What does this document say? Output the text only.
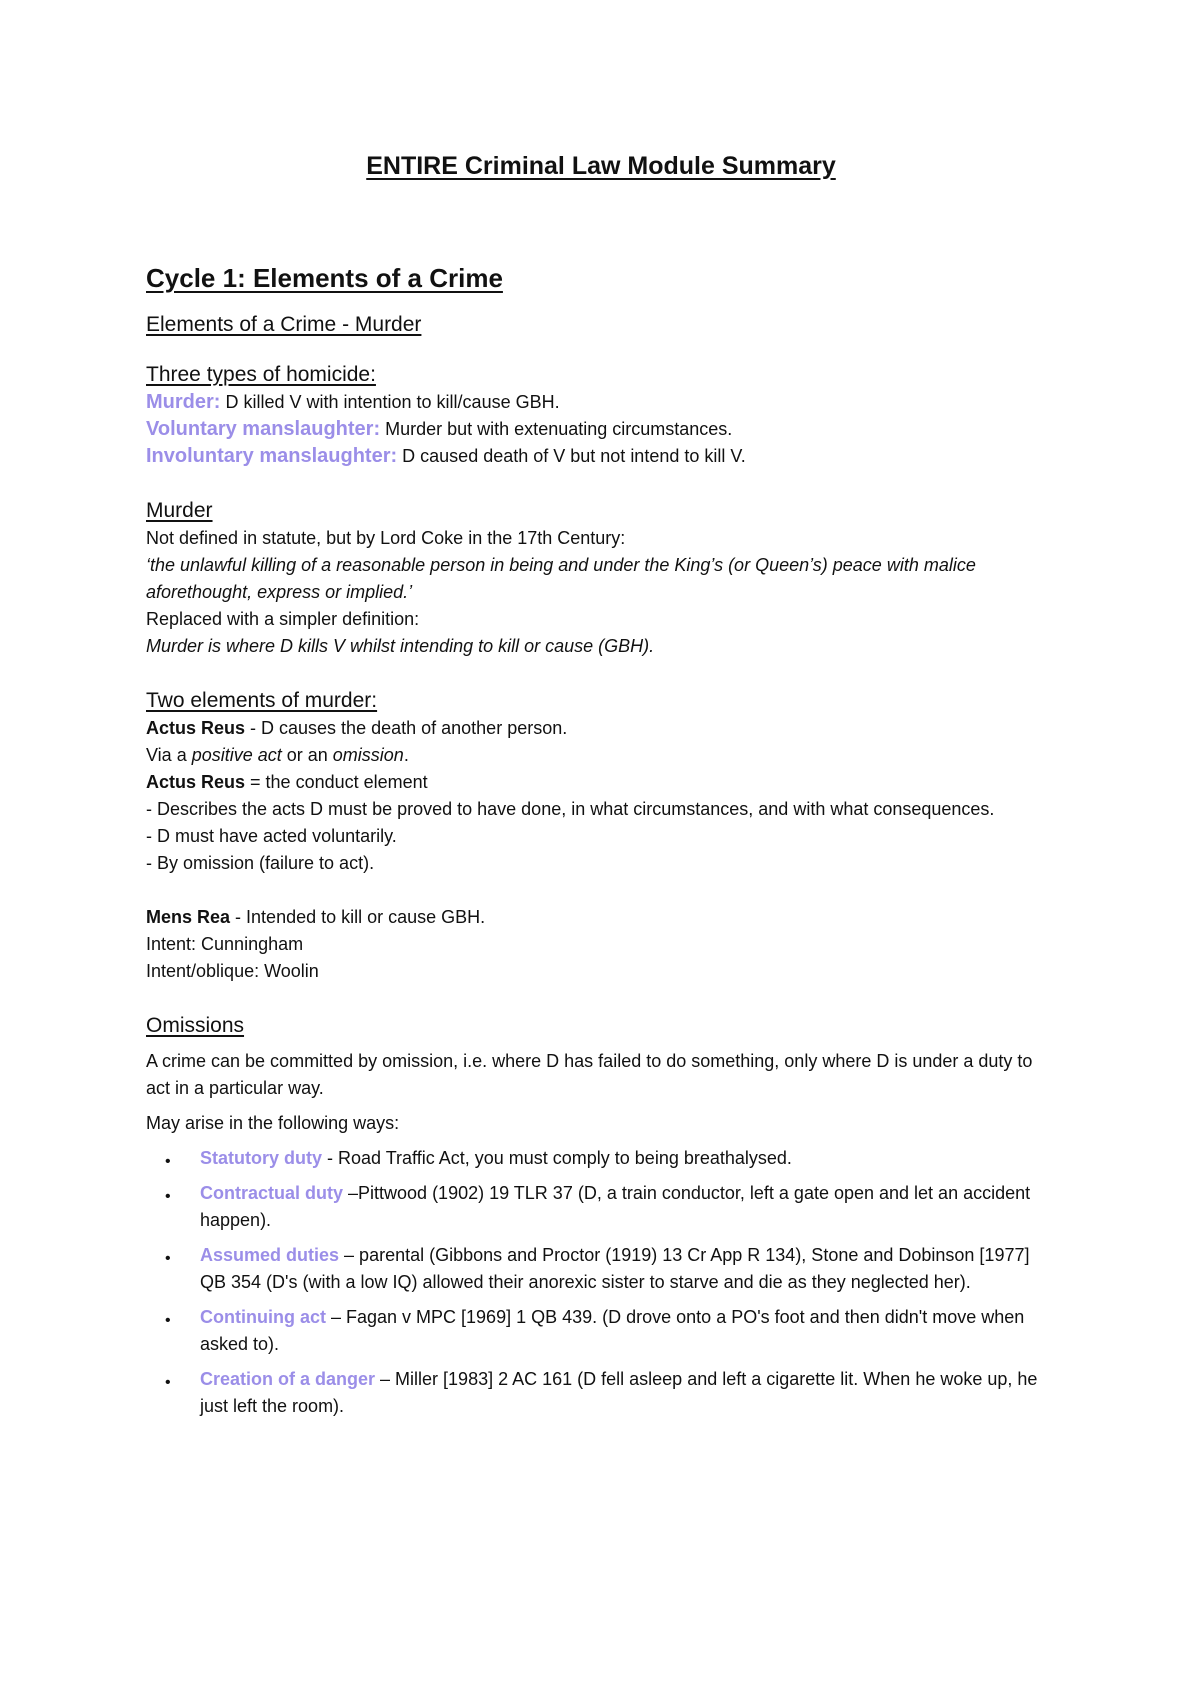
ENTIRE Criminal Law Module Summary
Cycle 1: Elements of a Crime
Elements of a Crime - Murder
Three types of homicide:

Murder: D killed V with intention to kill/cause GBH.

Voluntary manslaughter: Murder but with extenuating circumstances.

Involuntary manslaughter: D caused death of V but not intend to kill V.

Murder

Not defined in statute, but by Lord Coke in the 17th Century:

‘the unlawful killing of a reasonable person in being and under the King’s (or Queen’s) peace with malice aforethought, express or implied.’

Replaced with a simpler definition:

Murder is where D kills V whilst intending to kill or cause (GBH).

Two elements of murder:

Actus Reus - D causes the death of another person.

Via a positive act or an omission.

Actus Reus = the conduct element

- Describes the acts D must be proved to have done, in what circumstances, and with what consequences.

- D must have acted voluntarily.

- By omission (failure to act).

Mens Rea - Intended to kill or cause GBH.

Intent: Cunningham

Intent/oblique: Woolin

Omissions

A crime can be committed by omission, i.e. where D has failed to do something, only where D is under a duty to act in a particular way.

May arise in the following ways:

• Statutory duty - Road Traffic Act, you must comply to being breathalysed.
• Contractual duty –Pittwood (1902) 19 TLR 37 (D, a train conductor, left a gate open and let an accident happen).
• Assumed duties – parental (Gibbons and Proctor (1919) 13 Cr App R 134), Stone and Dobinson [1977] QB 354 (D's (with a low IQ) allowed their anorexic sister to starve and die as they neglected her).
• Continuing act – Fagan v MPC [1969] 1 QB 439. (D drove onto a PO's foot and then didn't move when asked to).
• Creation of a danger – Miller [1983] 2 AC 161 (D fell asleep and left a cigarette lit. When he woke up, he just left the room).
